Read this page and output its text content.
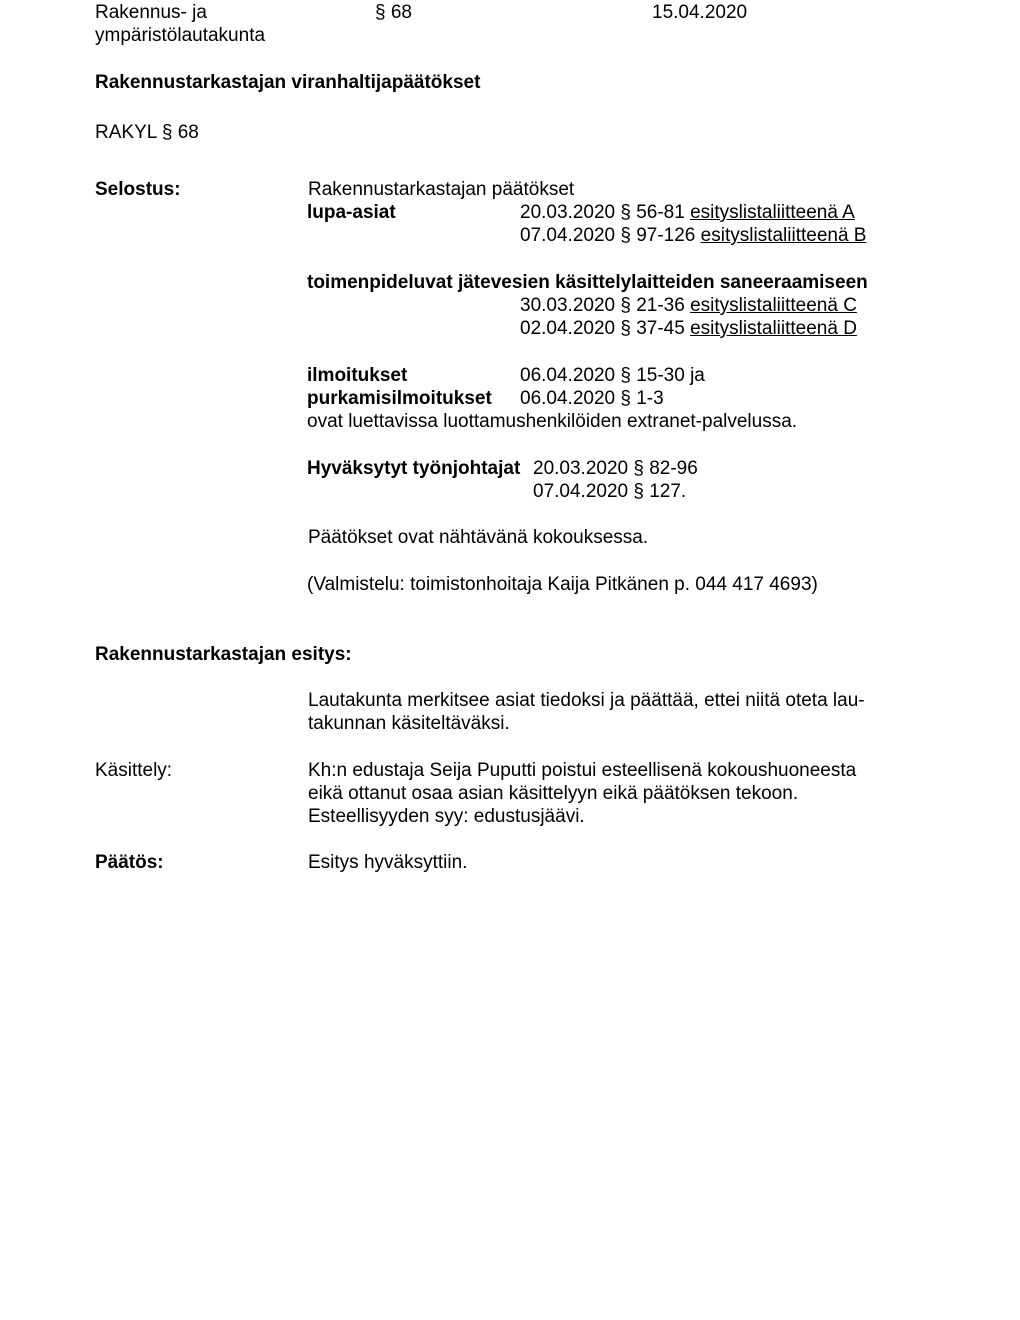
Rakennus- ja
ympäristölautakunta
§ 68	15.04.2020
Rakennustarkastajan viranhaltijapäätökset
RAKYL § 68
Selostus:	Rakennustarkastajan päätökset
lupa-asiat	20.03.2020 § 56-81 esityslistaliitteenä A
07.04.2020 § 97-126 esityslistaliitteenä B
toimenpideluvat jätevesien käsittelylaitteiden saneeraamiseen
30.03.2020 § 21-36 esityslistaliitteenä C
02.04.2020 § 37-45 esityslistaliitteenä D
ilmoitukset	06.04.2020 § 15-30 ja
purkamisilmoitukset 06.04.2020 § 1-3
ovat luettavissa luottamushenkilöiden extranet-palvelussa.
Hyväksytyt työnjohtajat 20.03.2020 § 82-96
07.04.2020 § 127.
Päätökset ovat nähtävänä kokouksessa.
(Valmistelu: toimistonhoitaja Kaija Pitkänen p. 044 417 4693)
Rakennustarkastajan esitys:
Lautakunta merkitsee asiat tiedoksi ja päättää, ettei niitä oteta lau-
takunnan käsiteltäväksi.
Käsittely:	Kh:n edustaja Seija Puputti poistui esteellisenä kokoushuoneesta
eikä ottanut osaa asian käsittelyyn eikä päätöksen tekoon.
Esteellisyyden syy: edustusjäävi.
Päätös:	Esitys hyväksyttiin.
